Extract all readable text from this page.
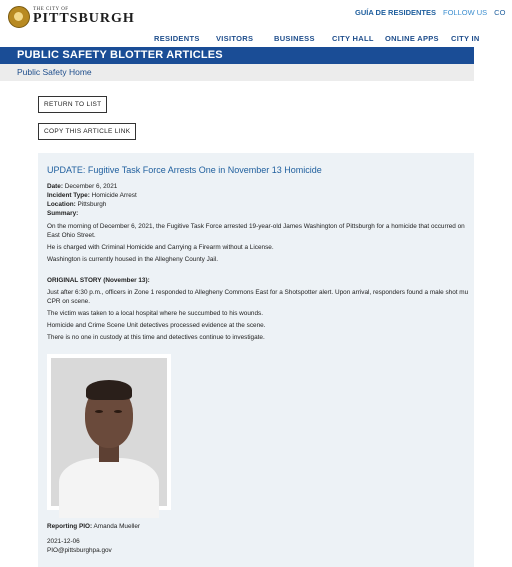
THE CITY OF
PITTSBURGH	GUÍA DE RESIDENTES FOLLOW US CO
RESIDENTS VISITORS	BUSINESS CITY HALL ONLINE APPS CITY IN
PUBLIC SAFETY BLOTTER ARTICLES
Public Safety Home
RETURN TO LIST
COPY THIS ARTICLE LINK
UPDATE: Fugitive Task Force Arrests One in November 13 Homicide
Date: December 6, 2021
Incident Type: Homicide Arrest
Location: Pittsburgh
Summary:
On the morning of December 6, 2021, the Fugitive Task Force arrested 19-year-old James Washington of Pittsburgh for a homicide that occurred on
East Ohio Street.
He is charged with Criminal Homicide and Carrying a Firearm without a License.
Washington is currently housed in the Allegheny County Jail.
ORIGINAL STORY (November 13):
Just after 6:30 p.m., officers in Zone 1 responded to Allegheny Commons East for a Shotspotter alert. Upon arrival, responders found a male shot mu
CPR on scene.
The victim was taken to a local hospital where he succumbed to his wounds.
Homicide and Crime Scene Unit detectives processed evidence at the scene.
There is no one in custody at this time and detectives continue to investigate.
Reporting PIO: Amanda Mueller
2021-12-06
PIO@pittsburghpa.gov
